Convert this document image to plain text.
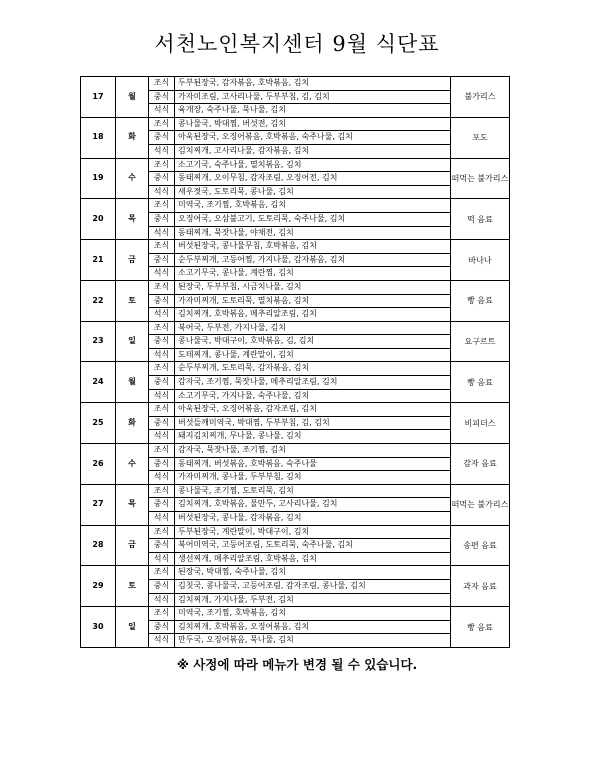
서천노인복지센터 9월 식단표
17	월	조식	두부된장국, 감자볶음, 호박볶음, 김치	불가리스
		중식	가자미조림, 고사리나물, 두부부침, 김, 김치	
		석식	육개장, 숙주나물, 묵나물, 김치	
18	화	조식	콩나물국, 박대찜, 버섯전, 김치	포도
		중식	아욱된장국, 오징어볶음, 호박볶음, 숙주나물, 김치	
		석식	김치찌개, 고사리나물, 감자볶음, 김치	
19	수	조식	소고기국, 숙주나물, 멸치볶음, 김치	떠먹는 불가리스
		중식	동태찌개, 오이무침, 감자조림, 오징어전, 김치	
		석식	새우젓국, 도토리묵, 콩나물, 김치	
20	목	조식	미역국, 조기찜, 호박볶음, 김치	떡 음료
		중식	오징어국, 오삼불고기, 도토리묵, 숙주나물, 김치	
		석식	동태찌개, 묵잣나물, 야채전, 김치	
21	금	조식	버섯된장국, 콩나물무침, 호박볶음, 김치	바나나
		중식	순두부찌개, 고등어찜, 가지나물, 감자볶음, 김치	
		석식	소고기무국, 콩나물, 계란찜, 김치	
22	토	조식	된장국, 두부부침, 시금치나물, 김치	빵 음료
		중식	가자미찌개, 도토리묵, 멸치볶음, 김치	
		석식	김치찌개, 호박볶음, 메추리알조림, 김치	
23	일	조식	북어국, 두부전, 가지나물, 김치	요구르트
		중식	콩나물국, 박대구이, 호박볶음, 김, 김치	
		석식	도테찌개, 콩나물, 계란말이, 김치	
24	월	조식	순두부찌개, 도토리묵, 감자볶음, 김치	빵 음료
		중식	감자국, 조기찜, 묵잣나물, 메추리알조림, 김치	
		석식	소고기무국, 가지나물, 숙주나물, 김치	
25	화	조식	아욱된장국, 오징어볶음, 감자조림, 김치	비피더스
		중식	버섯들깨미역국, 박대찜, 두부부침, 김, 김치	
		석식	돼지김치찌개, 무나물, 콩나물, 김치	
26	수	조식	감자국, 묵잣나물, 조기찜, 김치	감자 음료
		중식	동태찌개, 버섯볶음, 호박볶음, 숙주나물	
		석식	가자미찌개, 콩나물, 두부부침, 김치	
27	목	조식	콩나물국, 조기찜, 도토리묵, 김치	떠먹는 불가리스
		중식	김치찌개, 호박볶음, 물만두, 고사리나물, 김치	
		석식	버섯된장국, 콩나물, 감자볶음, 김치	
28	금	조식	두부된장국, 계란말이, 박대구이, 김치	송편 음료
		중식	북어미역국, 고등어조림, 도토리묵, 숙주나물, 김치	
		석식	생선찌개, 메추리알조림, 호박볶음, 김치	
29	토	조식	된장국, 박대찜, 숙주나물, 김치	과자 음료
		중식	김칫국, 콩나물국, 고등어조림, 감자조림, 콩나물, 김치	
		석식	김치찌개, 가지나물, 두부전, 김치	
30	일	조식	미역국, 조기찜, 호박볶음, 김치	빵 음료
		중식	김치찌개, 호박볶음, 오징어볶음, 김치	
		석식	만두국, 오징어볶음, 묵나물, 김치	
※ 사정에 따라 메뉴가 변경 될 수 있습니다.
